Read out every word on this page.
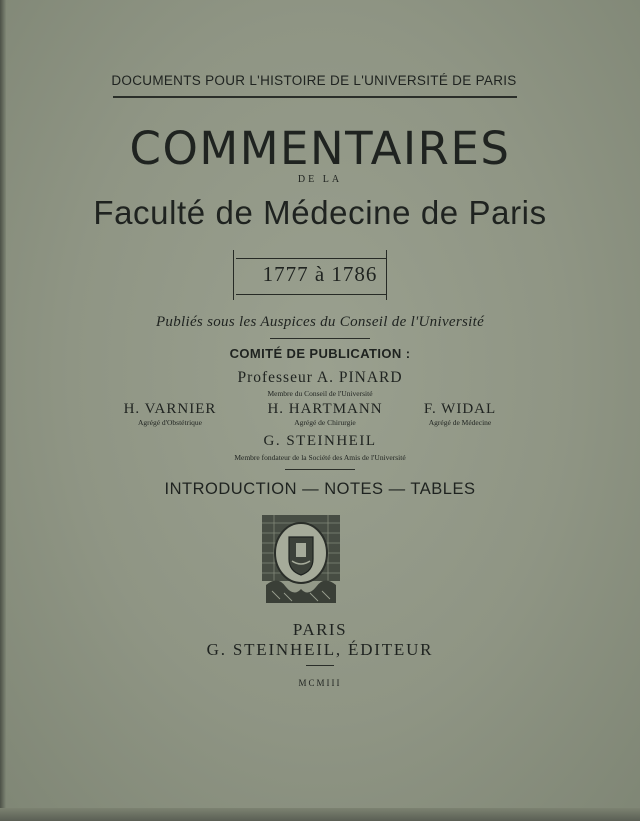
DOCUMENTS POUR L'HISTOIRE DE L'UNIVERSITÉ DE PARIS

COMMENTAIRES

DE LA

Faculté de Médecine de Paris

1777 à 1786

Publiés sous les Auspices du Conseil de l'Université

COMITÉ DE PUBLICATION :

Professeur A. PINARD

Membre du Conseil de l'Université

H. VARNIER
Agrégé d'Obstétrique
H. HARTMANN
Agrégé de Chirurgie
F. WIDAL
Agrégé de Médecine

G. STEINHEIL

Membre fondateur de la Société des Amis de l'Université

INTRODUCTION — NOTES — TABLES

PARIS

G. STEINHEIL, ÉDITEUR

MCMIII
